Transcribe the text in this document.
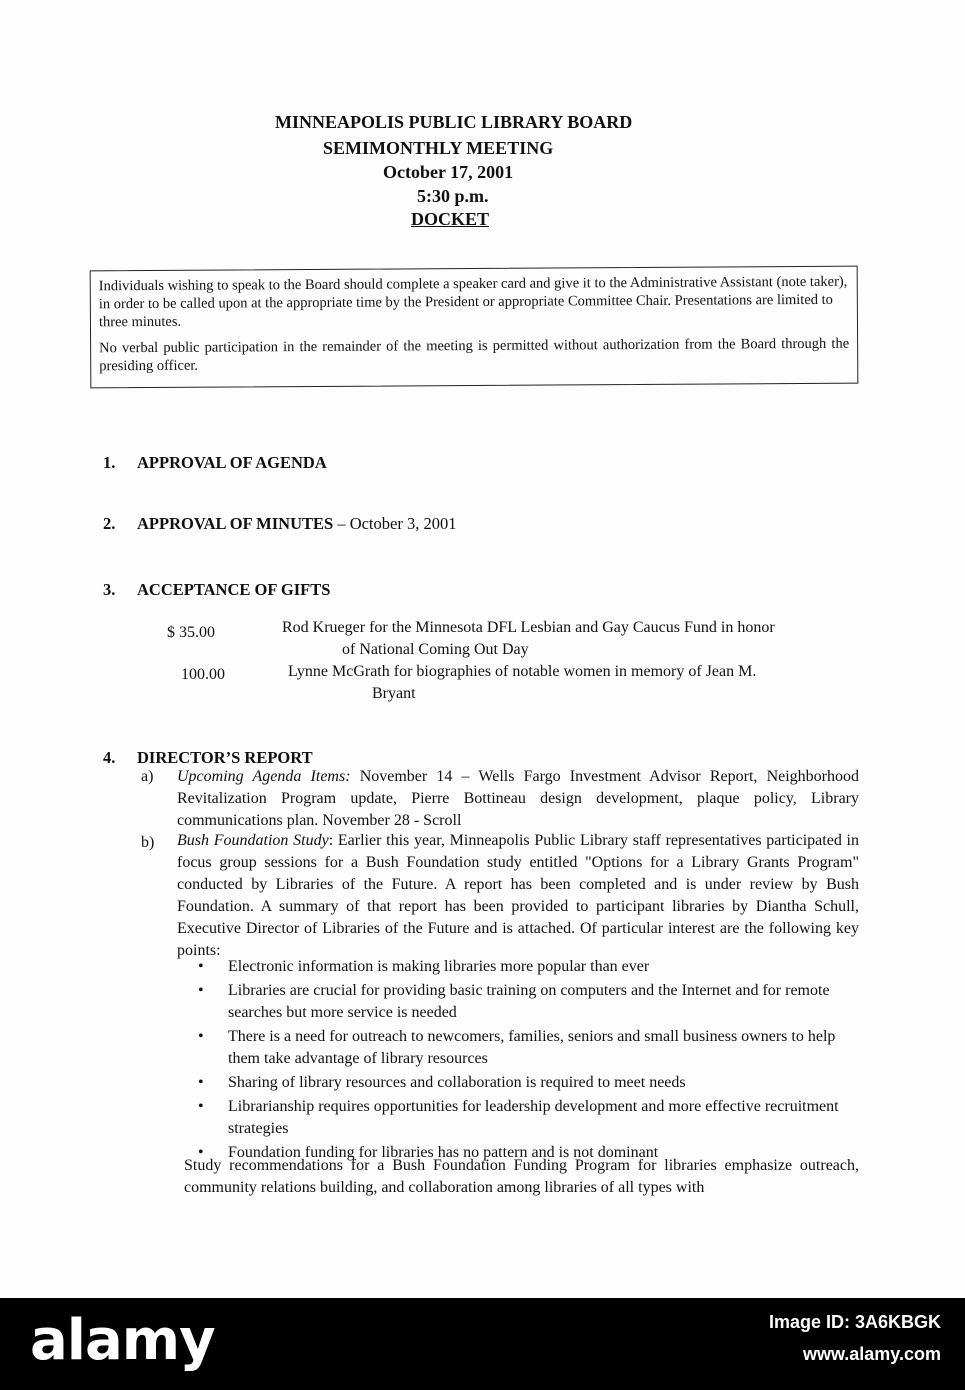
MINNEAPOLIS PUBLIC LIBRARY BOARD
SEMIMONTHLY MEETING
October 17, 2001
5:30 p.m.
DOCKET

Individuals wishing to speak to the Board should complete a speaker card and give it to the Administrative Assistant (note taker), in order to be called upon at the appropriate time by the President or appropriate Committee Chair. Presentations are limited to three minutes.

No verbal public participation in the remainder of the meeting is permitted without authorization from the Board through the presiding officer.

1. APPROVAL OF AGENDA
2. APPROVAL OF MINUTES – October 3, 2001
3. ACCEPTANCE OF GIFTS
$ 35.00	Rod Krueger for the Minnesota DFL Lesbian and Gay Caucus Fund in honor
of National Coming Out Day
100.00	Lynne McGrath for biographies of notable women in memory of Jean M.
Bryant
4. DIRECTOR’S REPORT
a) Upcoming Agenda Items: November 14 – Wells Fargo Investment Advisor Report, Neighborhood Revitalization Program update, Pierre Bottineau design development, plaque policy, Library communications plan. November 28 - Scroll
b) Bush Foundation Study: Earlier this year, Minneapolis Public Library staff representatives participated in focus group sessions for a Bush Foundation study entitled "Options for a Library Grants Program" conducted by Libraries of the Future. A report has been completed and is under review by Bush Foundation. A summary of that report has been provided to participant libraries by Diantha Schull, Executive Director of Libraries of the Future and is attached. Of particular interest are the following key points:
• Electronic information is making libraries more popular than ever
• Libraries are crucial for providing basic training on computers and the Internet and for remote searches but more service is needed
• There is a need for outreach to newcomers, families, seniors and small business owners to help them take advantage of library resources
• Sharing of library resources and collaboration is required to meet needs
• Librarianship requires opportunities for leadership development and more effective recruitment strategies
• Foundation funding for libraries has no pattern and is not dominant
Study recommendations for a Bush Foundation Funding Program for libraries emphasize outreach, community relations building, and collaboration among libraries of all types with
alamy	Image ID: 3A6KBGK
www.alamy.com
